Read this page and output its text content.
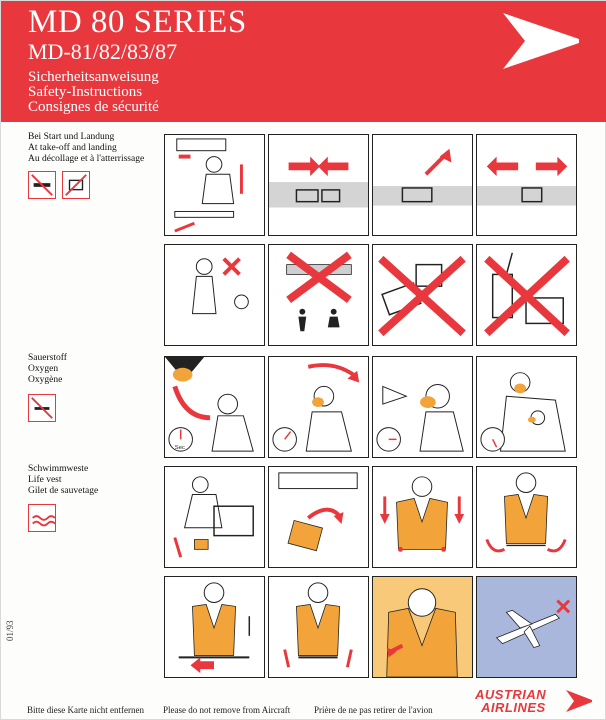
MD 80 SERIES
MD-81/82/83/87
Sicherheitsanweisung
Safety-Instructions
Consignes de sécurité
Bei Start und Landung
At take-off and landing
Au décollage et à l'atterrissage
Sauerstoff
Oxygen
Oxygène
Schwimmweste
Life vest
Gilet de sauvetage
Sec
01/93
Bitte diese Karte nicht entfernen Please do not remove from Aircraft	Prière de ne pas retirer de l'avion
AUSTRIAN
AIRLINES
